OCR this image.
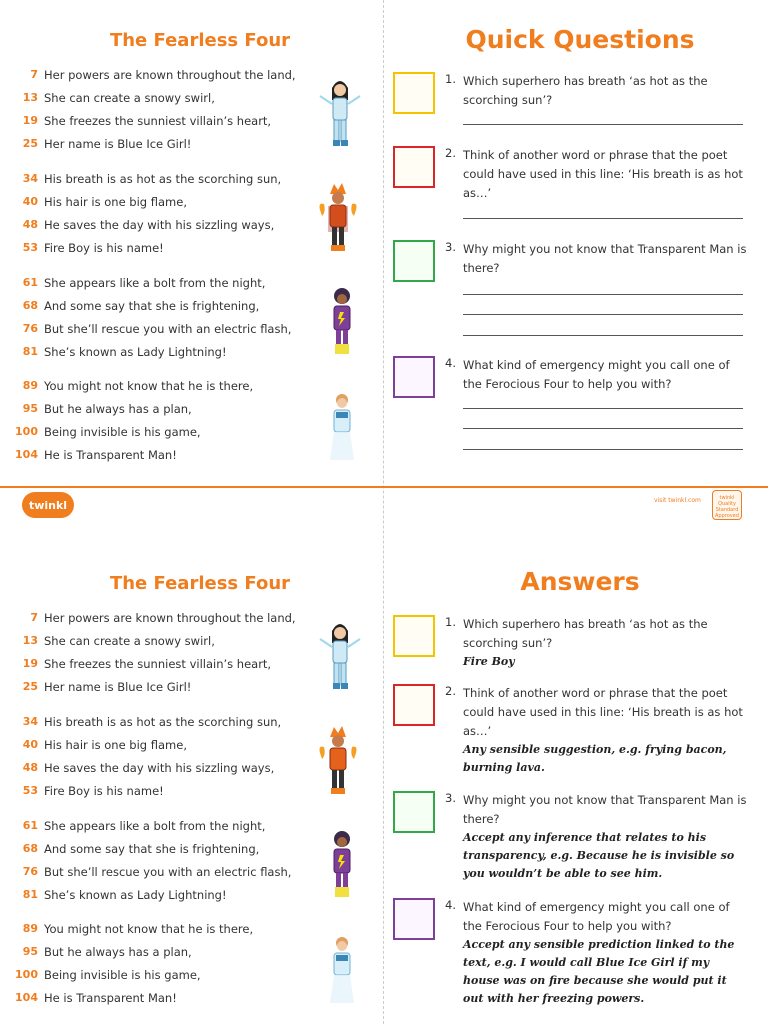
The Fearless Four	Quick Questions
7 Her powers are known throughout the land,
13 She can create a snowy swirl,
19 She freezes the sunniest villain’s heart,
25 Her name is Blue Ice Girl!
34 His breath is as hot as the scorching sun,
40 His hair is one big flame,
48 He saves the day with his sizzling ways,
53 Fire Boy is his name!
61 She appears like a bolt from the night,
68 And some say that she is frightening,
76 But she’ll rescue you with an electric flash,
81 She’s known as Lady Lightning!
89 You might not know that he is there,
95 But he always has a plan,
100 Being invisible is his game,
104 He is Transparent Man!
1. Which superhero has breath ‘as hot as the scorching sun’?
2. Think of another word or phrase that the poet could have used in this line: ‘His breath is as hot as…’
3. Why might you not know that Transparent Man is there?
4. What kind of emergency might you call one of the Ferocious Four to help you with?
twinkl	visit twinkl.com	twinkl Quality Standard Approved
The Fearless Four	Answers
7 Her powers are known throughout the land,
13 She can create a snowy swirl,
19 She freezes the sunniest villain’s heart,
25 Her name is Blue Ice Girl!
34 His breath is as hot as the scorching sun,
40 His hair is one big flame,
48 He saves the day with his sizzling ways,
53 Fire Boy is his name!
61 She appears like a bolt from the night,
68 And some say that she is frightening,
76 But she’ll rescue you with an electric flash,
81 She’s known as Lady Lightning!
89 You might not know that he is there,
95 But he always has a plan,
100 Being invisible is his game,
104 He is Transparent Man!
1. Which superhero has breath ‘as hot as the scorching sun’?
Fire Boy
2. Think of another word or phrase that the poet could have used in this line: ‘His breath is as hot as…’
Any sensible suggestion, e.g. frying bacon, burning lava.
3. Why might you not know that Transparent Man is there?
Accept any inference that relates to his transparency, e.g. Because he is invisible so you wouldn’t be able to see him.
4. What kind of emergency might you call one of the Ferocious Four to help you with?
Accept any sensible prediction linked to the text, e.g. I would call Blue Ice Girl if my house was on fire because she would put it out with her freezing powers.
